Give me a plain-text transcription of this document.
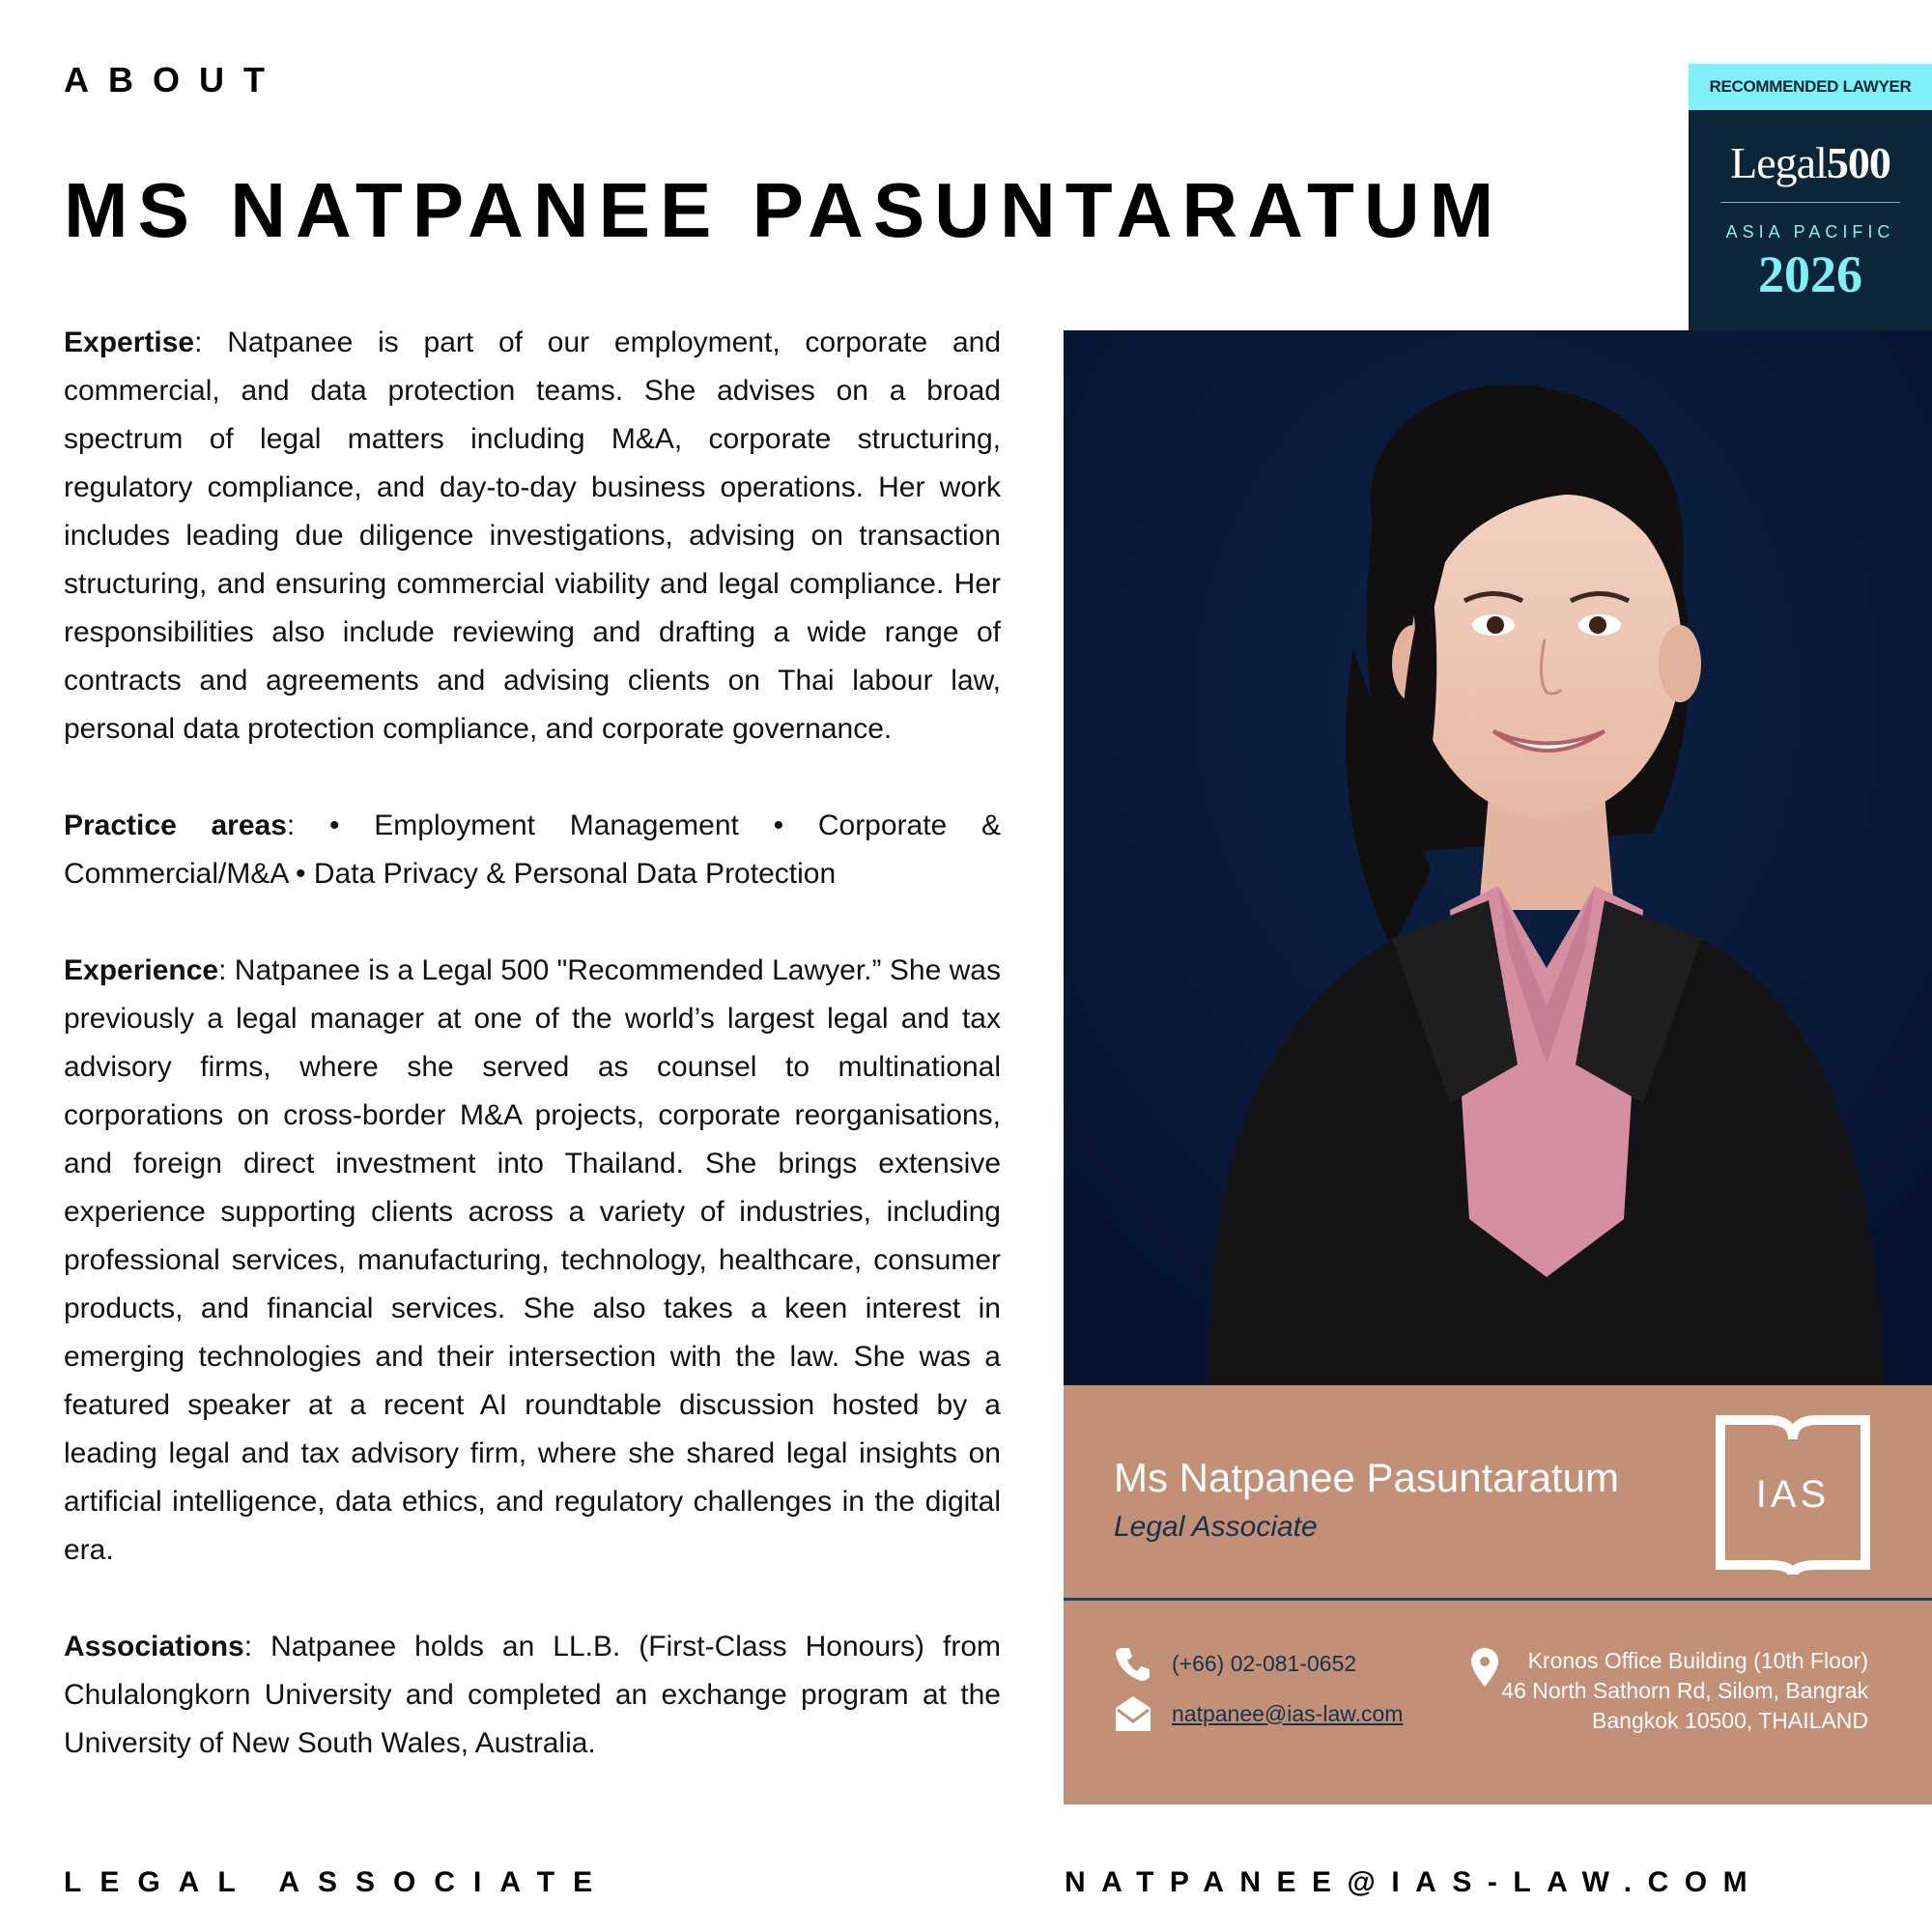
ABOUT
MS NATPANEE PASUNTARATUM

Expertise: Natpanee is part of our employment, corporate and commercial, and data protection teams. She advises on a broad spectrum of legal matters including M&A, corporate structuring, regulatory compliance, and day-to-day business operations. Her work includes leading due diligence investigations, advising on transaction structuring, and ensuring commercial viability and legal compliance. Her responsibilities also include reviewing and drafting a wide range of contracts and agreements and advising clients on Thai labour law, personal data protection compliance, and corporate governance.

Practice areas: • Employment Management • Corporate & Commercial/M&A • Data Privacy & Personal Data Protection

Experience: Natpanee is a Legal 500 "Recommended Lawyer.” She was previously a legal manager at one of the world’s largest legal and tax advisory firms, where she served as counsel to multinational corporations on cross-border M&A projects, corporate reorganisations, and foreign direct investment into Thailand. She brings extensive experience supporting clients across a variety of industries, including professional services, manufacturing, technology, healthcare, consumer products, and financial services. She also takes a keen interest in emerging technologies and their intersection with the law. She was a featured speaker at a recent AI roundtable discussion hosted by a leading legal and tax advisory firm, where she shared legal insights on artificial intelligence, data ethics, and regulatory challenges in the digital era.

Associations: Natpanee holds an LL.B. (First-Class Honours) from Chulalongkorn University and completed an exchange program at the University of New South Wales, Australia.

RECOMMENDED LAWYER
Legal500
ASIA PACIFIC
2026
Ms Natpanee Pasuntaratum
Legal Associate
IAS
(+66) 02-081-0652
natpanee@ias-law.com
Kronos Office Building (10th Floor)
46 North Sathorn Rd, Silom, Bangrak
Bangkok 10500, THAILAND
LEGAL ASSOCIATE	NATPANEE@IAS-LAW.COM
